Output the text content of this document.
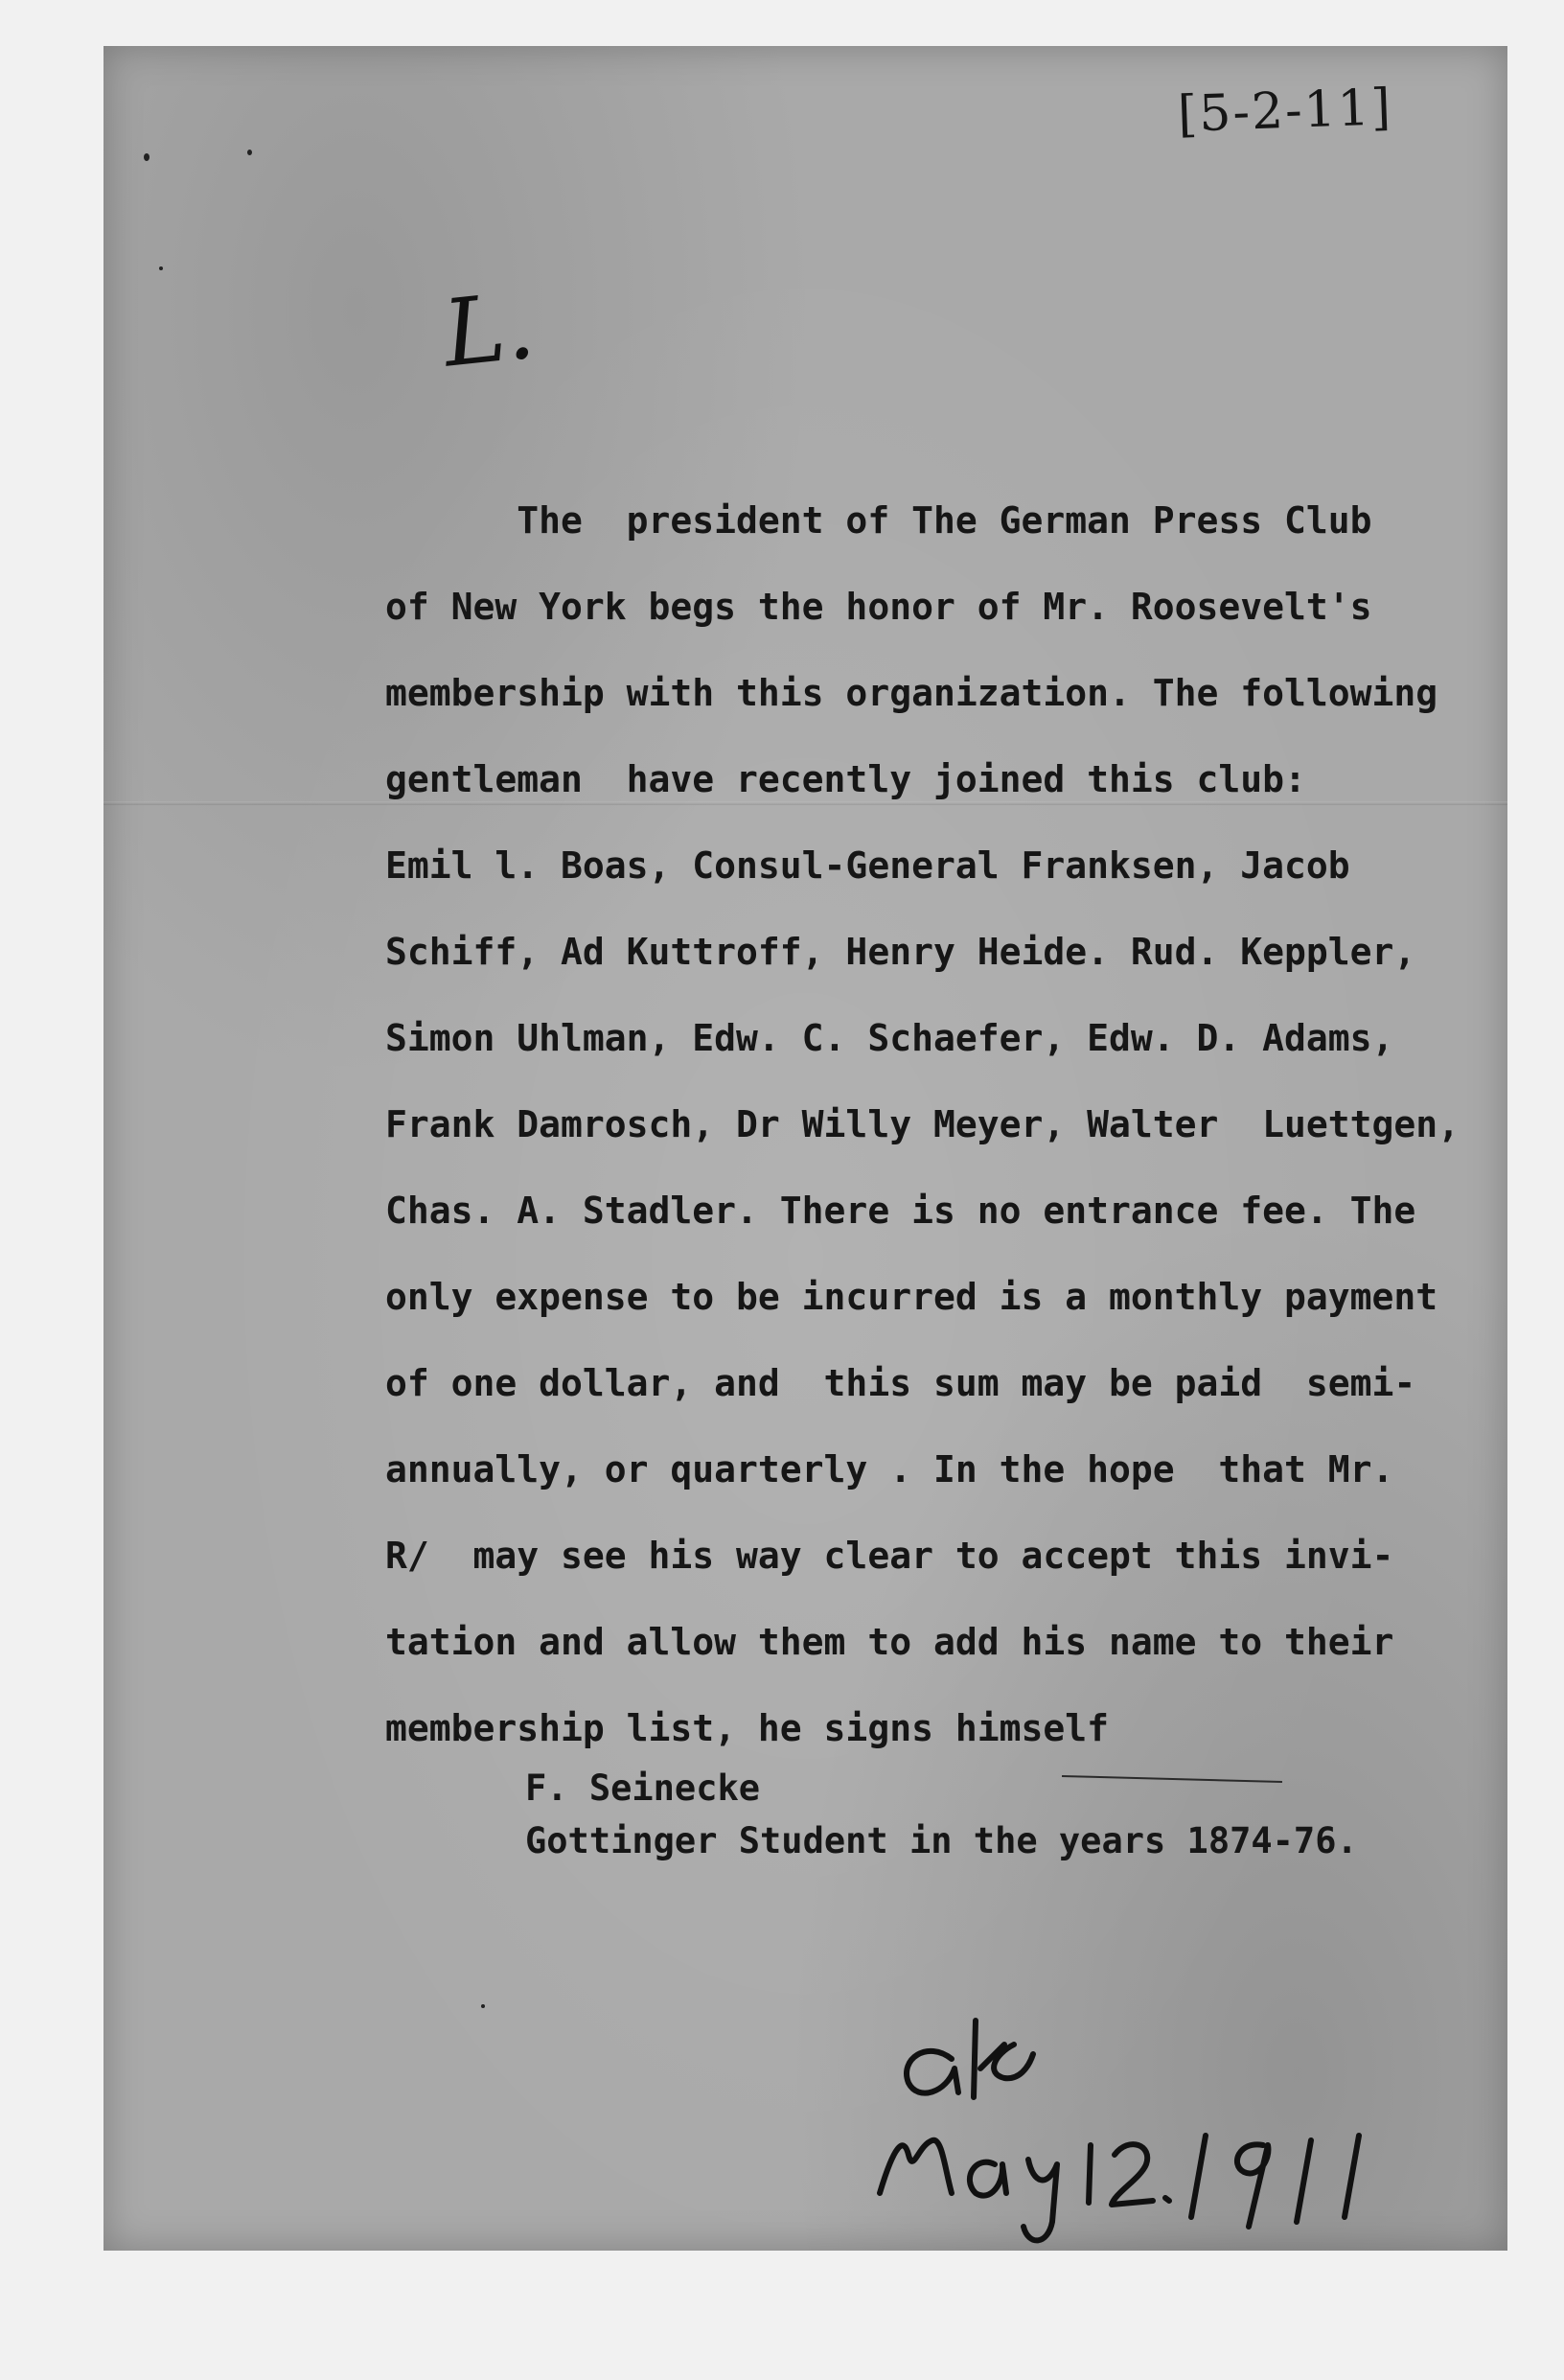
[5-2-11]
L.

The  president of The German Press Club

of New York begs the honor of Mr. Roosevelt's

membership with this organization. The following

gentleman  have recently joined this club:

Emil l. Boas, Consul-General Franksen, Jacob

Schiff, Ad Kuttroff, Henry Heide. Rud. Keppler,

Simon Uhlman, Edw. C. Schaefer, Edw. D. Adams,

Frank Damrosch, Dr Willy Meyer, Walter  Luettgen,

Chas. A. Stadler. There is no entrance fee. The

only expense to be incurred is a monthly payment

of one dollar, and  this sum may be paid  semi-

annually, or quarterly . In the hope  that Mr.

R/  may see his way clear to accept this invi-

tation and allow them to add his name to their

membership list, he signs himself

F. Seinecke

Gottinger Student in the years 1874-76.
